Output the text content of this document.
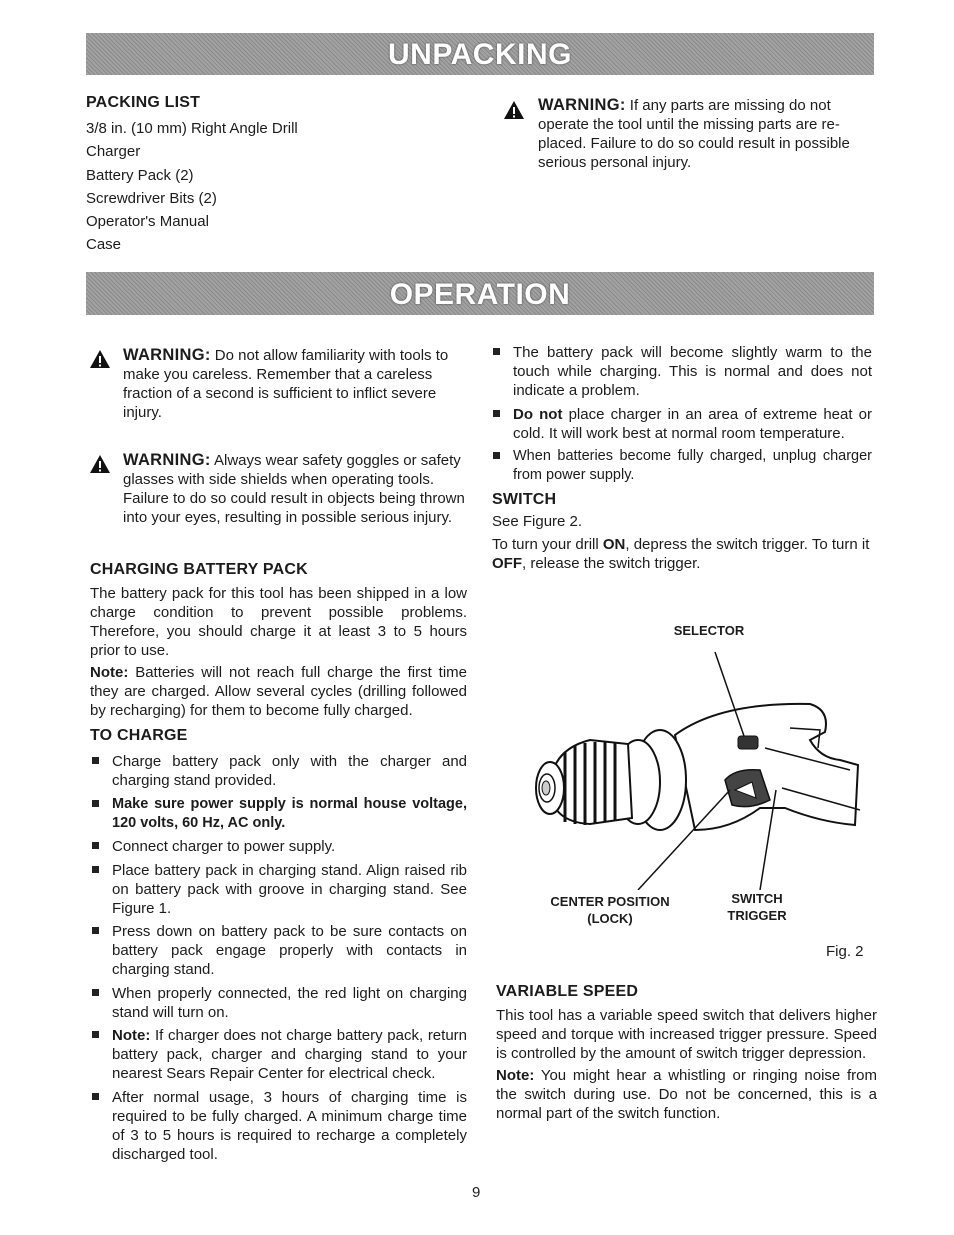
UNPACKING
PACKING LIST
3/8 in. (10 mm) Right Angle Drill
Charger
Battery Pack (2)
Screwdriver Bits (2)
Operator's Manual
Case

WARNING: If any parts are missing do not

operate the tool until the missing parts are re-placed. Failure to do so could result in possible serious personal injury.

OPERATION

WARNING: Do not allow familiarity with tools to make you careless. Remember that a careless fraction of a second is sufficient to inflict severe injury.

WARNING: Always wear safety goggles or safety glasses with side shields when operating tools. Failure to do so could result in objects being thrown into your eyes, resulting in possible serious injury.

CHARGING BATTERY PACK

The battery pack for this tool has been shipped in a low charge condition to prevent possible problems. Therefore, you should charge it at least 3 to 5 hours prior to use.

Note: Batteries will not reach full charge the first time they are charged. Allow several cycles (drilling followed by recharging) for them to become fully charged.

TO CHARGE
Charge battery pack only with the charger and charging stand provided.
Make sure power supply is normal house voltage, 120 volts, 60 Hz, AC only.
Connect charger to power supply.
Place battery pack in charging stand. Align raised rib on battery pack with groove in charging stand. See Figure 1.
Press down on battery pack to be sure contacts on battery pack engage properly with contacts in charging stand.
When properly connected, the red light on charging stand will turn on.
Note: If charger does not charge battery pack, return battery pack, charger and charging stand to your nearest Sears Repair Center for electrical check.
After normal usage, 3 hours of charging time is required to be fully charged. A minimum charge time of 3 to 5 hours is required to recharge a completely discharged tool.
The battery pack will become slightly warm to the touch while charging. This is normal and does not indicate a problem.
Do not place charger in an area of extreme heat or cold. It will work best at normal room temperature.
When batteries become fully charged, unplug charger from power supply.
SWITCH

See Figure 2.

To turn your drill ON, depress the switch trigger. To turn it OFF, release the switch trigger.

SELECTOR
CENTER POSITION
(LOCK)
SWITCH
TRIGGER
Fig. 2
VARIABLE SPEED

This tool has a variable speed switch that delivers higher speed and torque with increased trigger pressure. Speed is controlled by the amount of switch trigger depression.

Note: You might hear a whistling or ringing noise from the switch during use. Do not be concerned, this is a normal part of the switch function.

9
